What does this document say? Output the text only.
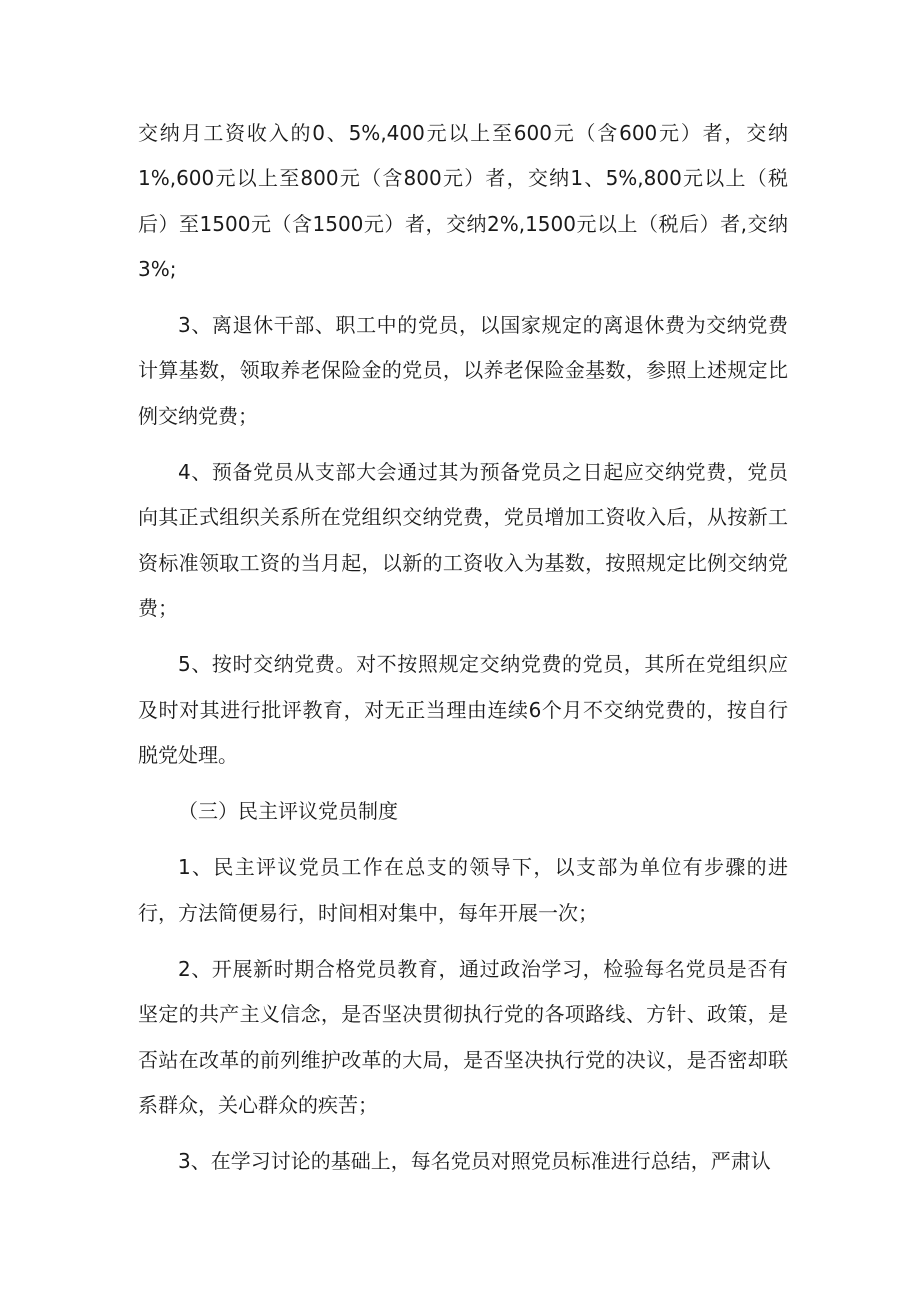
交纳月工资收入的0、5%,400元以上至600元（含600元）者，交纳1%,600元以上至800元（含800元）者，交纳1、5%,800元以上（税后）至1500元（含1500元）者，交纳2%,1500元以上（税后）者,交纳3%;

3、离退休干部、职工中的党员，以国家规定的离退休费为交纳党费计算基数，领取养老保险金的党员，以养老保险金基数，参照上述规定比例交纳党费；

4、预备党员从支部大会通过其为预备党员之日起应交纳党费，党员向其正式组织关系所在党组织交纳党费，党员增加工资收入后，从按新工资标准领取工资的当月起，以新的工资收入为基数，按照规定比例交纳党费；

5、按时交纳党费。对不按照规定交纳党费的党员，其所在党组织应及时对其进行批评教育，对无正当理由连续6个月不交纳党费的，按自行脱党处理。

（三）民主评议党员制度

1、民主评议党员工作在总支的领导下，以支部为单位有步骤的进行，方法简便易行，时间相对集中，每年开展一次；

2、开展新时期合格党员教育，通过政治学习，检验每名党员是否有坚定的共产主义信念，是否坚决贯彻执行党的各项路线、方针、政策，是否站在改革的前列维护改革的大局，是否坚决执行党的决议，是否密却联系群众，关心群众的疾苦；

3、在学习讨论的基础上，每名党员对照党员标准进行总结，严肃认
